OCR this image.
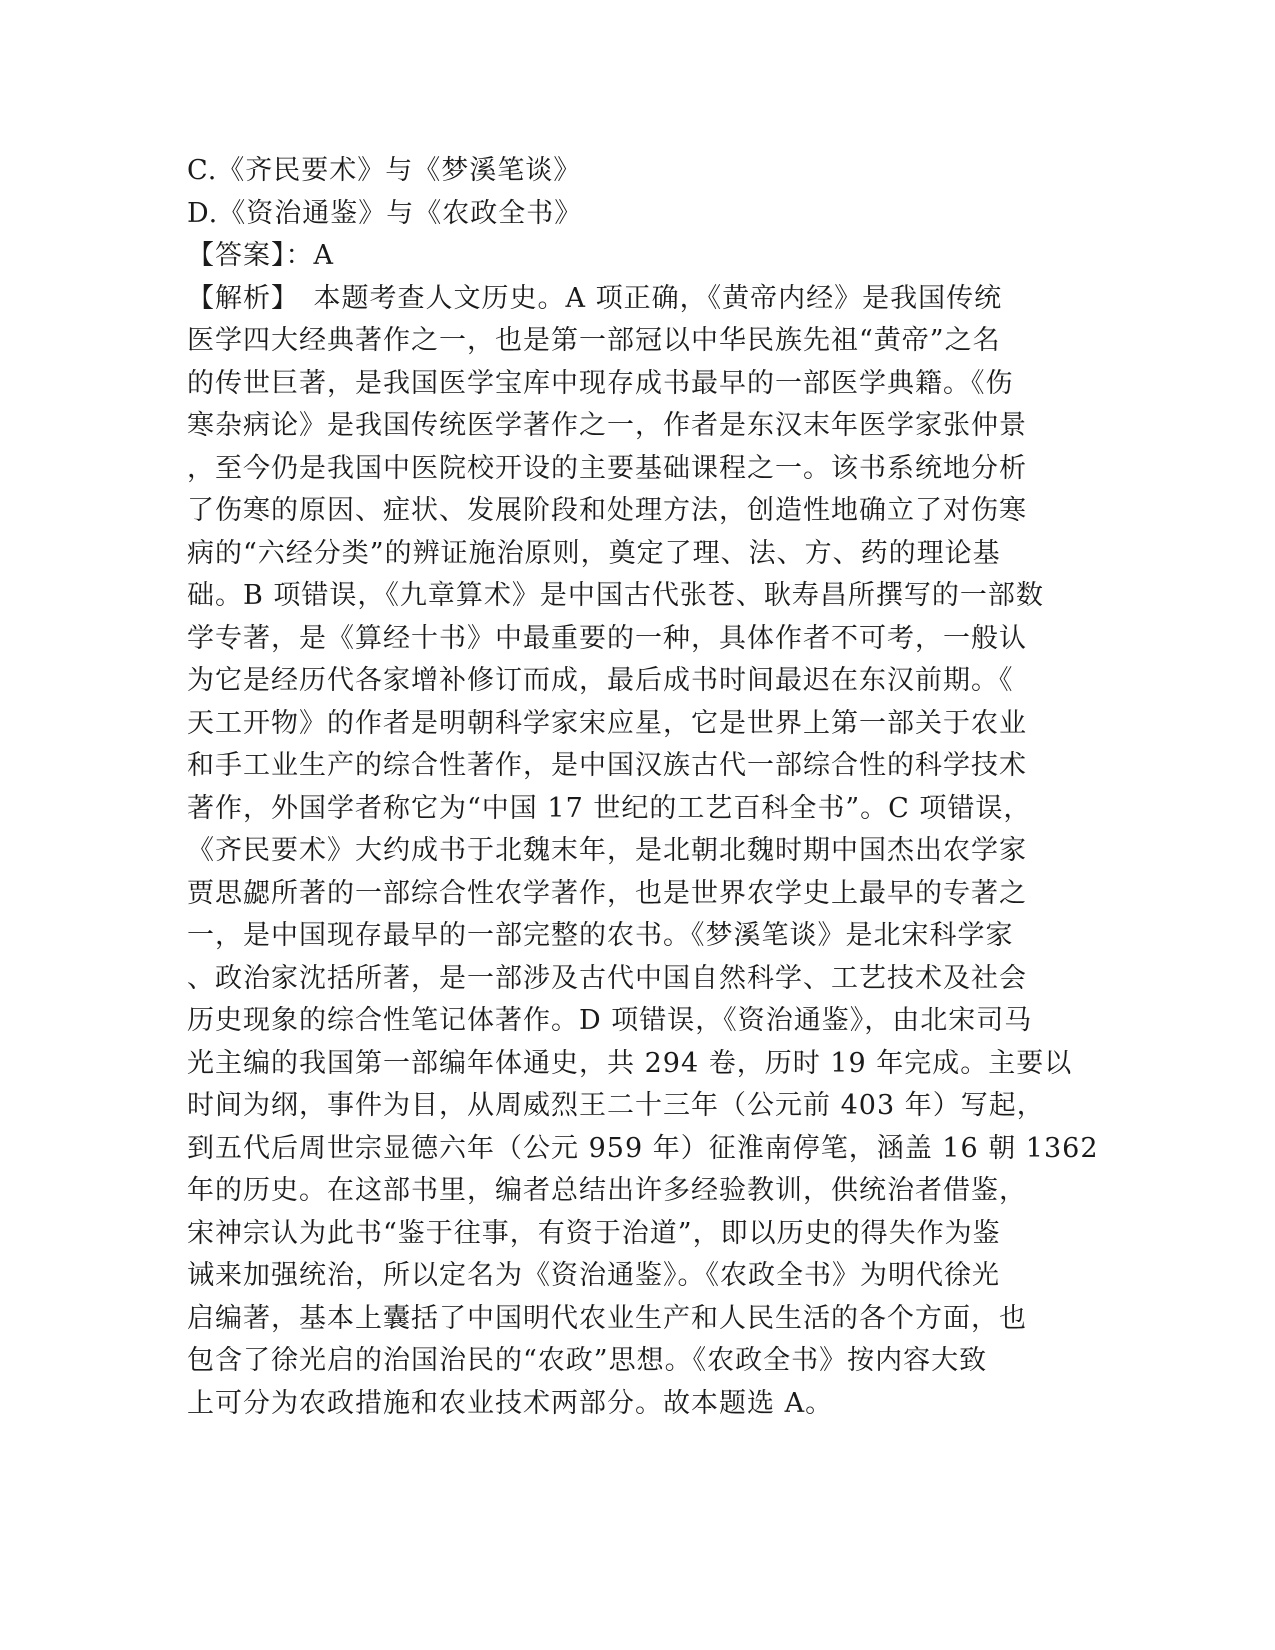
C.《齐民要术》与《梦溪笔谈》
D.《资治通鉴》与《农政全书》
【答案】：A
【解析】　本题考查人文历史。A 项正确，《黄帝内经》是我国传统
医学四大经典著作之一，也是第一部冠以中华民族先祖“黄帝”之名
的传世巨著，是我国医学宝库中现存成书最早的一部医学典籍。《伤
寒杂病论》是我国传统医学著作之一，作者是东汉末年医学家张仲景
，至今仍是我国中医院校开设的主要基础课程之一。该书系统地分析
了伤寒的原因、症状、发展阶段和处理方法，创造性地确立了对伤寒
病的“六经分类”的辨证施治原则，奠定了理、法、方、药的理论基
础。B 项错误，《九章算术》是中国古代张苍、耿寿昌所撰写的一部数
学专著，是《算经十书》中最重要的一种，具体作者不可考，一般认
为它是经历代各家增补修订而成，最后成书时间最迟在东汉前期。《
天工开物》的作者是明朝科学家宋应星，它是世界上第一部关于农业
和手工业生产的综合性著作，是中国汉族古代一部综合性的科学技术
著作，外国学者称它为“中国 17 世纪的工艺百科全书”。C 项错误，
《齐民要术》大约成书于北魏末年，是北朝北魏时期中国杰出农学家
贾思勰所著的一部综合性农学著作，也是世界农学史上最早的专著之
一，是中国现存最早的一部完整的农书。《梦溪笔谈》是北宋科学家
、政治家沈括所著，是一部涉及古代中国自然科学、工艺技术及社会
历史现象的综合性笔记体著作。D 项错误，《资治通鉴》，由北宋司马
光主编的我国第一部编年体通史，共 294 卷，历时 19 年完成。主要以
时间为纲，事件为目，从周威烈王二十三年（公元前 403 年）写起，
到五代后周世宗显德六年（公元 959 年）征淮南停笔，涵盖 16 朝 1362
年的历史。在这部书里，编者总结出许多经验教训，供统治者借鉴，
宋神宗认为此书“鉴于往事，有资于治道”，即以历史的得失作为鉴
诫来加强统治，所以定名为《资治通鉴》。《农政全书》为明代徐光
启编著，基本上囊括了中国明代农业生产和人民生活的各个方面，也
包含了徐光启的治国治民的“农政”思想。《农政全书》按内容大致
上可分为农政措施和农业技术两部分。故本题选 A。
